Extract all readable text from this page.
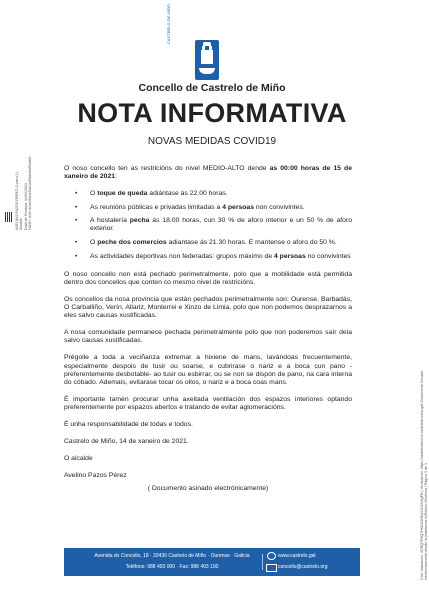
CASTRELO DE MIÑO
Concello de Castrelo de Miño
NOTA INFORMATIVA
NOVAS MEDIDAS COVID19
AVELINO PAZOS PEREZ (1 para 1) Alcalde Data de Sinatura: 14/01/2021 HASH: a4ef 6c3e36b4e5a14a56bbc6af63da0f
Cód. Validación: 3GRQ7P9Q7PKDX3HNAYCGAXQFR | Verificación: https://castrelodemino.sedelectronica.gal/ Documento firmado electrónicamente desde la plataforma esPublico Gestiona | Página 1 de 1

O noso concello ten as restricións do nivel MEDIO-ALTO dende as 00:00 horas de 15 de xaneiro de 2021:

• O toque de queda adiántase ás 22.00 horas.
• As reunións públicas e privadas limitadas a 4 persoas non convivintes.
• A hostalería pecha ás 18.00 horas, cun 30 % de aforo interior e un 50 % de aforo exterior.
• O peche dos comercios adiantase ás 21.30 horas. E mantense o aforo do 50 %.
• As actividades deportivas non federadas: grupos máximo de 4 persoas no convivintes

O noso concello non está pechado perimetralmente, polo que a mobilidade está permitida dentro dos concellos que conten co mesmo nivel de restricións.

Os concellos da nosa provincia que están pechados perimetralmente son: Ourense, Barbadás, O Carballiño, Verín, Allariz, Monterrei e Xinzo de Limia, polo que non podemos desprazarnos a eles salvo causas xustificadas.

A nosa comunidade permanece pechada perimetralmente polo que non poderemos saír dela salvo causas xustificadas.

Prégolle a toda a veciñanza extremar a hixiene de mans, lavándoas frecuentemente, especialmente despois de tusir ou soarse, e cubrirase o nariz e a boca cun pano -preferentemente desbotable- ao tusir ou esbirrar, ou se non se dispón de pano, na cara interna do cóbado. Ademais, evitarase tocar os ollos, o nariz e a boca coas mans.

É importante tamén procurar unha axeitada ventilación dos espazos interiores optando preferentemente por espazos abertos e tratando de evitar aglomeracións.

É unha responsabilidade de todas e todos.

Castrelo de Miño, 14 de xaneiro de 2021.

O alcalde

Avelino Pazos Pérez

( Documento asinado electrónicamente)

Avenida do Concello, 18 · 32430 Castrelo de Miño · Ourense · Galicia
Teléfono: 988 493 000 · Fax: 988 493 100
www.castrelo.gal
concello@castrelo.org
